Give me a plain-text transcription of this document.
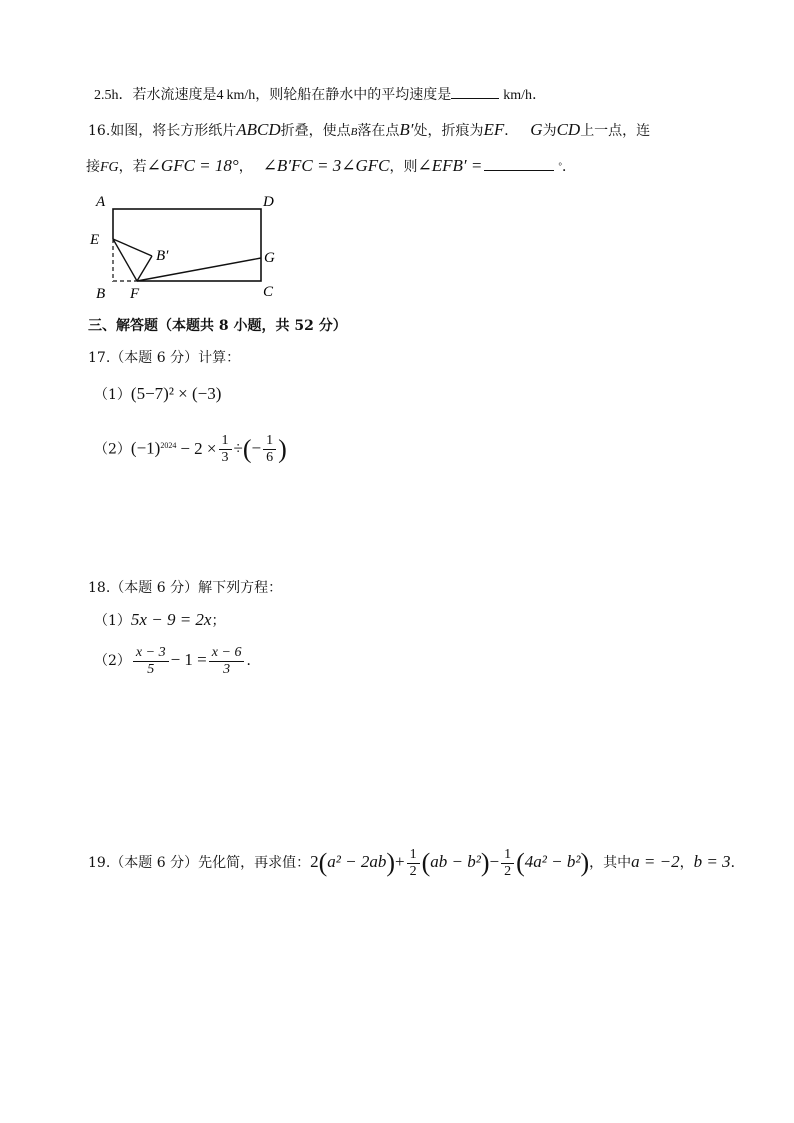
2.5h．若水流速度是4 km/h，则轮船在静水中的平均速度是	km/h．
16.如图，将长方形纸片ABCD折叠，使点B落在点B′处，折痕为EF． G为CD上一点，连
接FG，若∠GFC = 18°， ∠B′FC = 3∠GFC，则∠EFB′ =	°．
A	D
E
G
B′
B F	C
三、解答题（本题共 8 小题，共 52 分）
17.（本题 6 分）计算：
（1）(5−7)² × (−3)
$(2)(-1)^{2024} - 2 \times \frac{1}{3}$ ÷(− $\frac{1}{6}$ )
18.（本题 6 分）解下列方程：
（1）5x − 9 = 2x；
$(2) \frac{x - 3}{5} - 1 = \frac{x - 6}{3}$ ．
19.（本题 6 分）先化简，再求值：$2(a^2 - 2ab)+ \frac{1}{2} (ab - b^2)- \frac{1}{2} (4a^2 - b^2)$，其中a = −2，b = 3．
